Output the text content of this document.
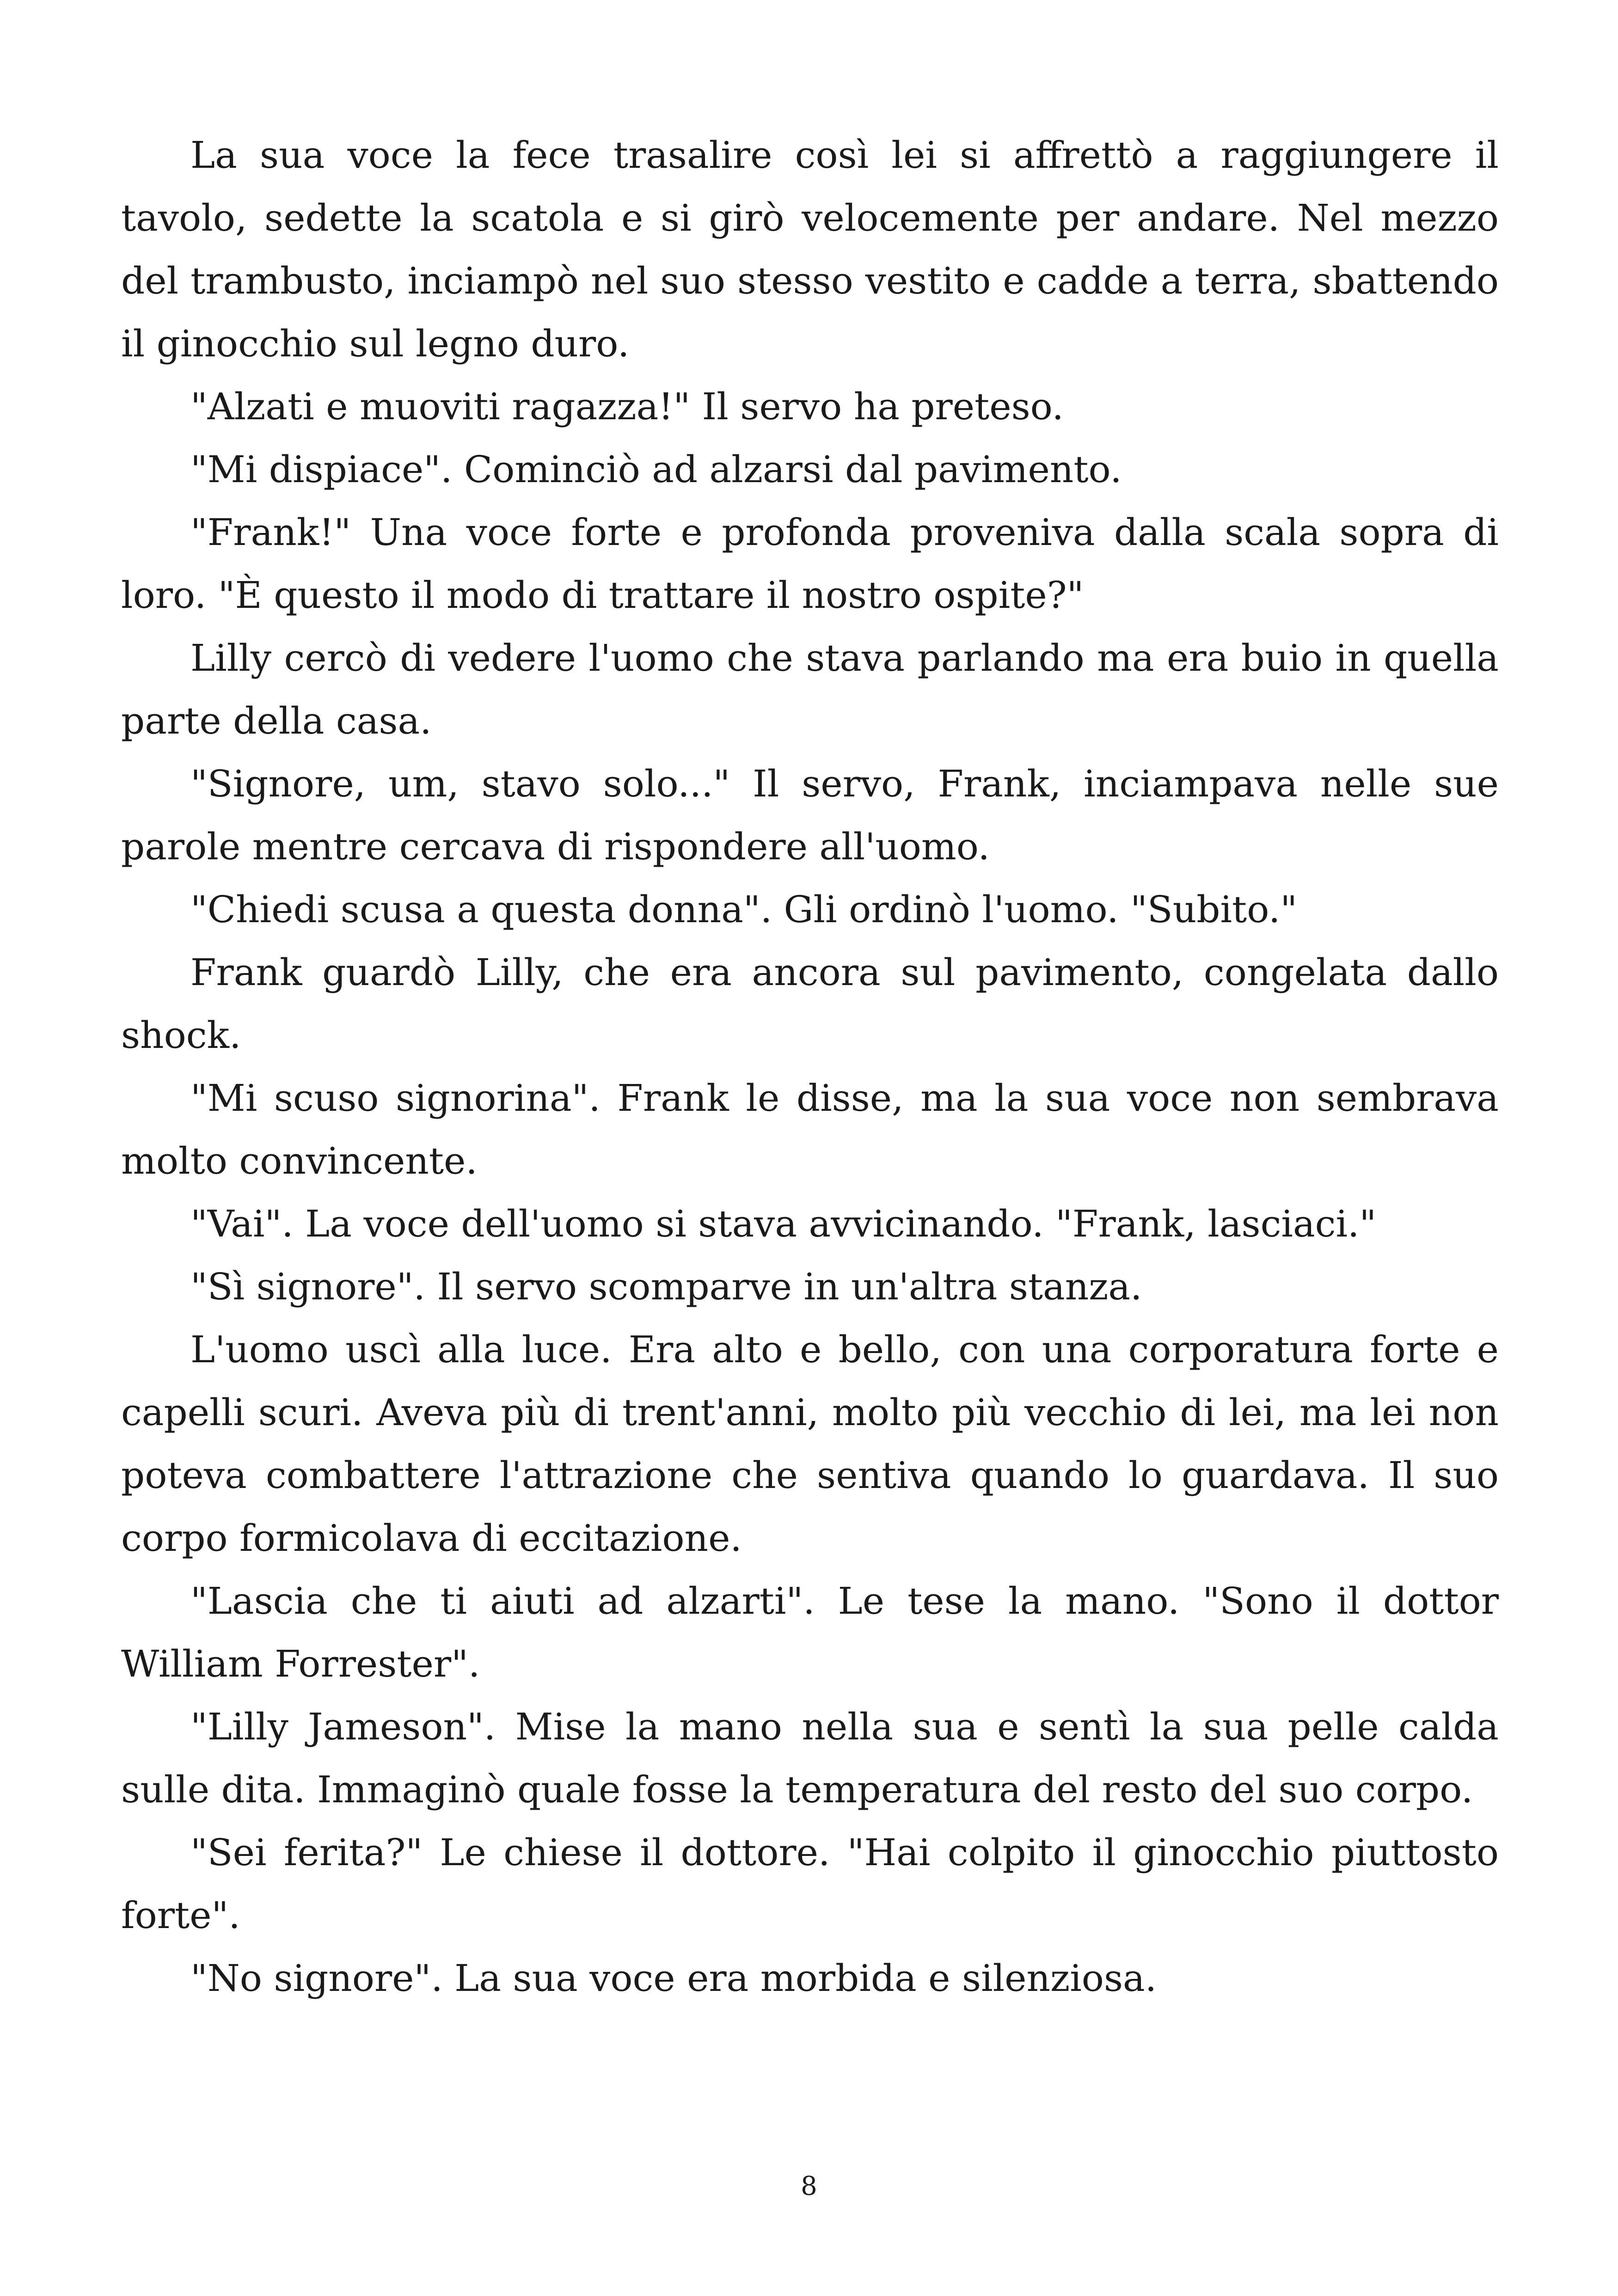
La sua voce la fece trasalire così lei si affrettò a raggiungere il tavolo, sedette la scatola e si girò velocemente per andare. Nel mezzo del trambusto, inciampò nel suo stesso vestito e cadde a terra, sbattendo il ginocchio sul legno duro.

"Alzati e muoviti ragazza!" Il servo ha preteso.

"Mi dispiace". Cominciò ad alzarsi dal pavimento.

"Frank!" Una voce forte e profonda proveniva dalla scala sopra di loro. "È questo il modo di trattare il nostro ospite?"

Lilly cercò di vedere l'uomo che stava parlando ma era buio in quella parte della casa.

"Signore, um, stavo solo..." Il servo, Frank, inciampava nelle sue parole mentre cercava di rispondere all'uomo.

"Chiedi scusa a questa donna". Gli ordinò l'uomo. "Subito."

Frank guardò Lilly, che era ancora sul pavimento, congelata dallo shock.

"Mi scuso signorina". Frank le disse, ma la sua voce non sembrava molto convincente.

"Vai". La voce dell'uomo si stava avvicinando. "Frank, lasciaci."

"Sì signore". Il servo scomparve in un'altra stanza.

L'uomo uscì alla luce. Era alto e bello, con una corporatura forte e capelli scuri. Aveva più di trent'anni, molto più vecchio di lei, ma lei non poteva combattere l'attrazione che sentiva quando lo guardava. Il suo corpo formicolava di eccitazione.

"Lascia che ti aiuti ad alzarti". Le tese la mano. "Sono il dottor William Forrester".

"Lilly Jameson". Mise la mano nella sua e sentì la sua pelle calda sulle dita. Immaginò quale fosse la temperatura del resto del suo corpo.

"Sei ferita?" Le chiese il dottore. "Hai colpito il ginocchio piuttosto forte".

"No signore". La sua voce era morbida e silenziosa.

8
